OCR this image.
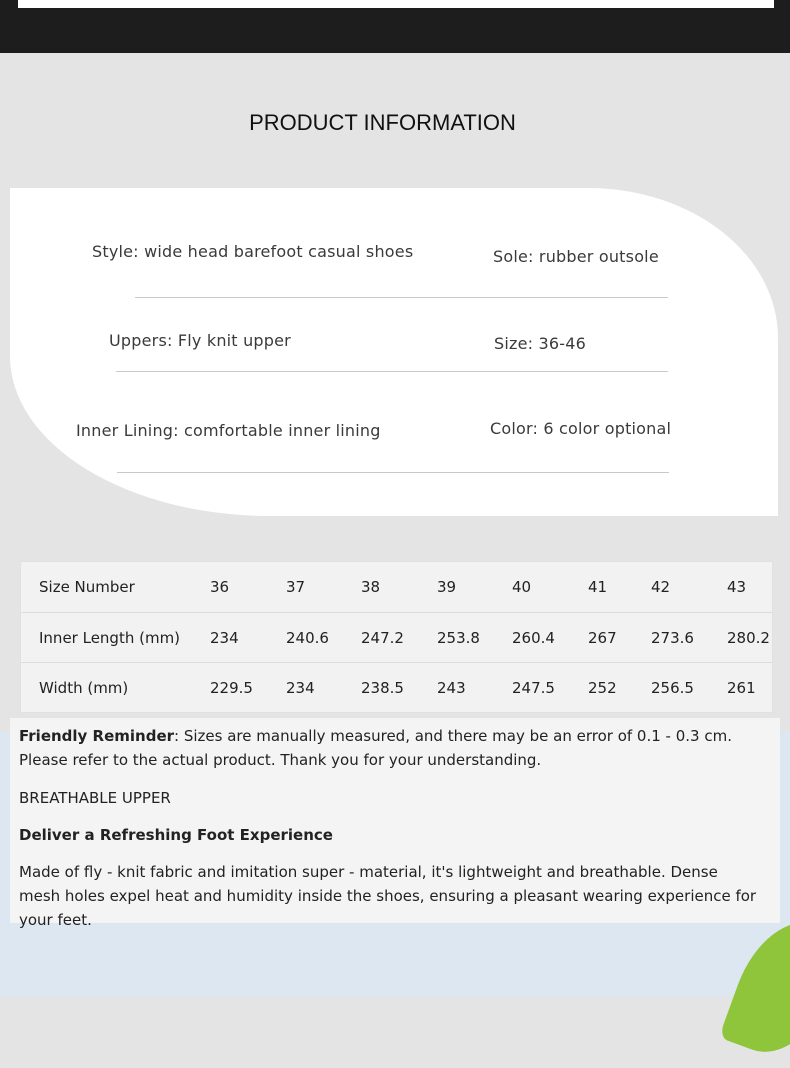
PRODUCT INFORMATION
Style: wide head barefoot casual shoes	Sole: rubber outsole
Uppers: Fly knit upper	Size: 36-46
Inner Lining: comfortable inner lining	Color: 6 color optional
Size Number	36	37	38	39	40	41	42	43
Inner Length (mm) 234	240.6 247.2 253.8 260.4 267 273.6 280.2
Width (mm)	229.5 234	238.5 243	247.5 252 256.5 261
Friendly Reminder: Sizes are manually measured, and there may be an error of 0.1 - 0.3 cm. Please refer to the actual product. Thank you for your understanding.
BREATHABLE UPPER
Deliver a Refreshing Foot Experience
Made of fly - knit fabric and imitation super - material, it's lightweight and breathable. Dense mesh holes expel heat and humidity inside the shoes, ensuring a pleasant wearing experience for your feet.
